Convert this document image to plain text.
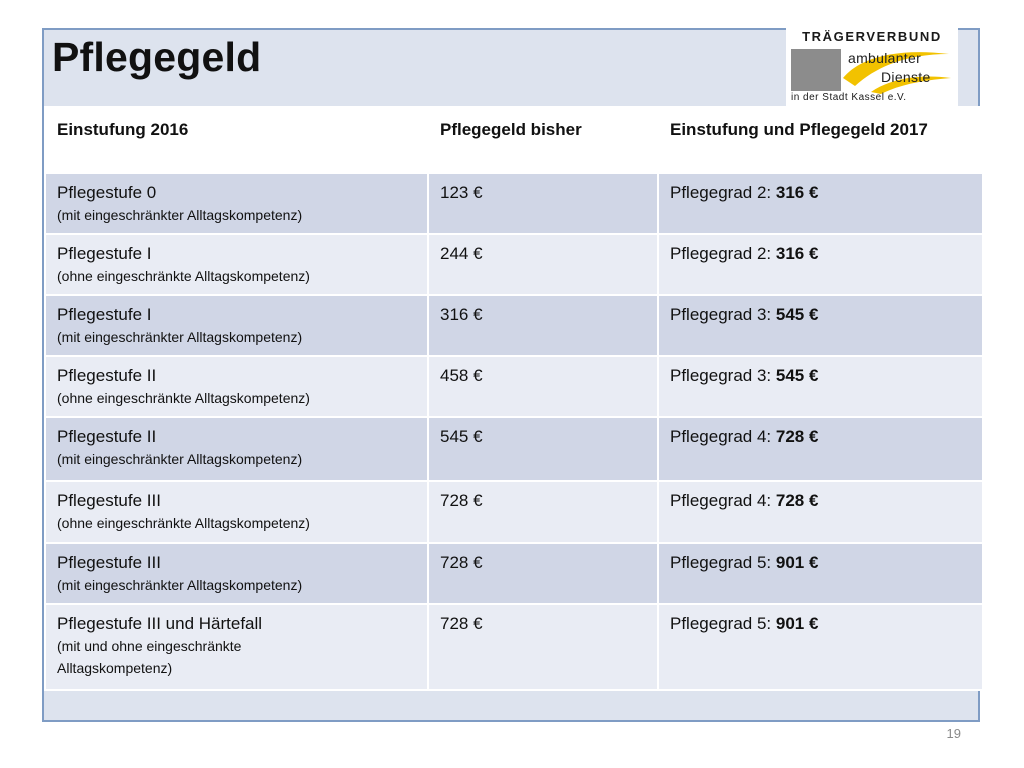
Pflegegeld	TRÄGERVERBUND
ambulanter
Dienste
in der Stadt Kassel e.V.
Einstufung 2016	Pflegegeld bisher	Einstufung und Pflegegeld 2017

Pflegestufe 0
(mit eingeschränkter Alltagskompetenz)	123 €	Pflegegrad 2: 316 €

Pflegestufe I
(ohne eingeschränkte Alltagskompetenz)	244 €	Pflegegrad 2: 316 €

Pflegestufe I
(mit eingeschränkter Alltagskompetenz)	316 €	Pflegegrad 3: 545 €

Pflegestufe II
(ohne eingeschränkte Alltagskompetenz)	458 €	Pflegegrad 3: 545 €

Pflegestufe II
(mit eingeschränkter Alltagskompetenz)	545 €	Pflegegrad 4: 728 €

Pflegestufe III
(ohne eingeschränkte Alltagskompetenz)	728 €	Pflegegrad 4: 728 €

Pflegestufe III
(mit eingeschränkter Alltagskompetenz)	728 €	Pflegegrad 5: 901 €

Pflegestufe III und Härtefall
(mit und ohne eingeschränkte Alltagskompetenz)	728 €	Pflegegrad 5: 901 €
19
